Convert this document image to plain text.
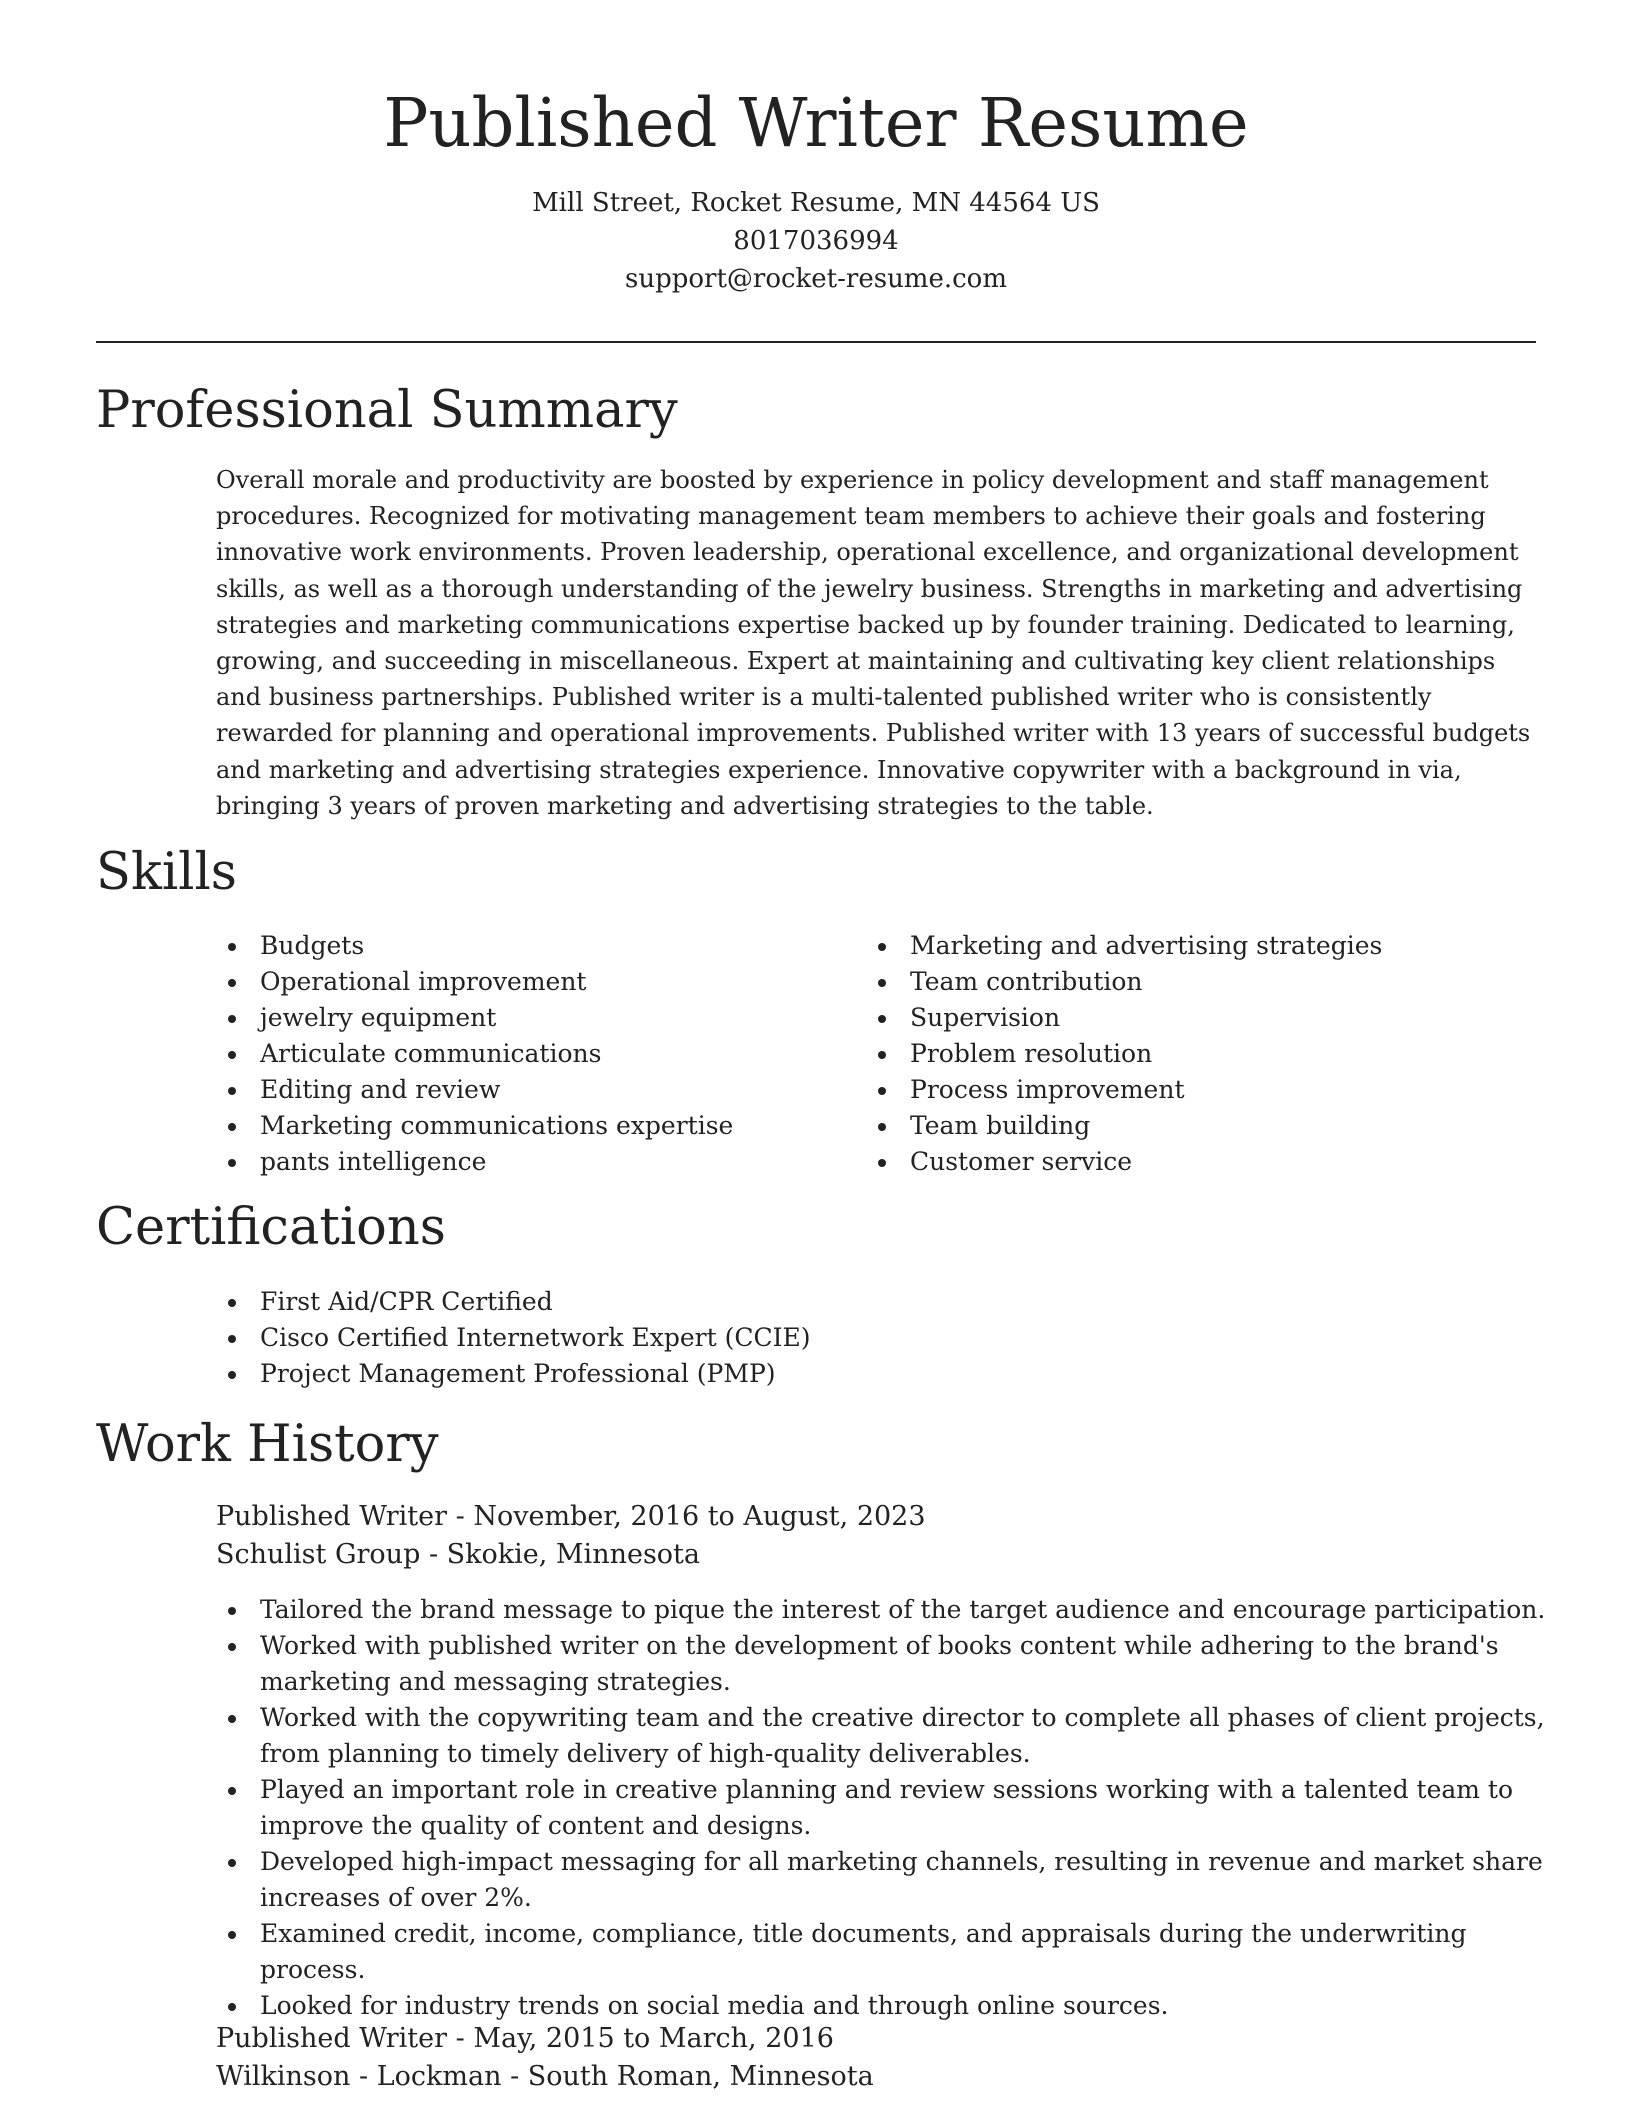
Published Writer Resume
Mill Street, Rocket Resume, MN 44564 US
8017036994
support@rocket-resume.com
Professional Summary

Overall morale and productivity are boosted by experience in policy development and staff management procedures. Recognized for motivating management team members to achieve their goals and fostering innovative work environments. Proven leadership, operational excellence, and organizational development skills, as well as a thorough understanding of the jewelry business. Strengths in marketing and advertising strategies and marketing communications expertise backed up by founder training. Dedicated to learning, growing, and succeeding in miscellaneous. Expert at maintaining and cultivating key client relationships and business partnerships. Published writer is a multi-talented published writer who is consistently rewarded for planning and operational improvements. Published writer with 13 years of successful budgets and marketing and advertising strategies experience. Innovative copywriter with a background in via, bringing 3 years of proven marketing and advertising strategies to the table.

Skills
Budgets
Operational improvement
jewelry equipment
Articulate communications
Editing and review
Marketing communications expertise
pants intelligence
Marketing and advertising strategies
Team contribution
Supervision
Problem resolution
Process improvement
Team building
Customer service
Certifications
First Aid/CPR Certified
Cisco Certified Internetwork Expert (CCIE)
Project Management Professional (PMP)
Work History
Published Writer - November, 2016 to August, 2023
Schulist Group - Skokie, Minnesota
Tailored the brand message to pique the interest of the target audience and encourage participation.
Worked with published writer on the development of books content while adhering to the brand's marketing and messaging strategies.
Worked with the copywriting team and the creative director to complete all phases of client projects, from planning to timely delivery of high-quality deliverables.
Played an important role in creative planning and review sessions working with a talented team to improve the quality of content and designs.
Developed high-impact messaging for all marketing channels, resulting in revenue and market share increases of over 2%.
Examined credit, income, compliance, title documents, and appraisals during the underwriting process.
Looked for industry trends on social media and through online sources.
Published Writer - May, 2015 to March, 2016
Wilkinson - Lockman - South Roman, Minnesota
